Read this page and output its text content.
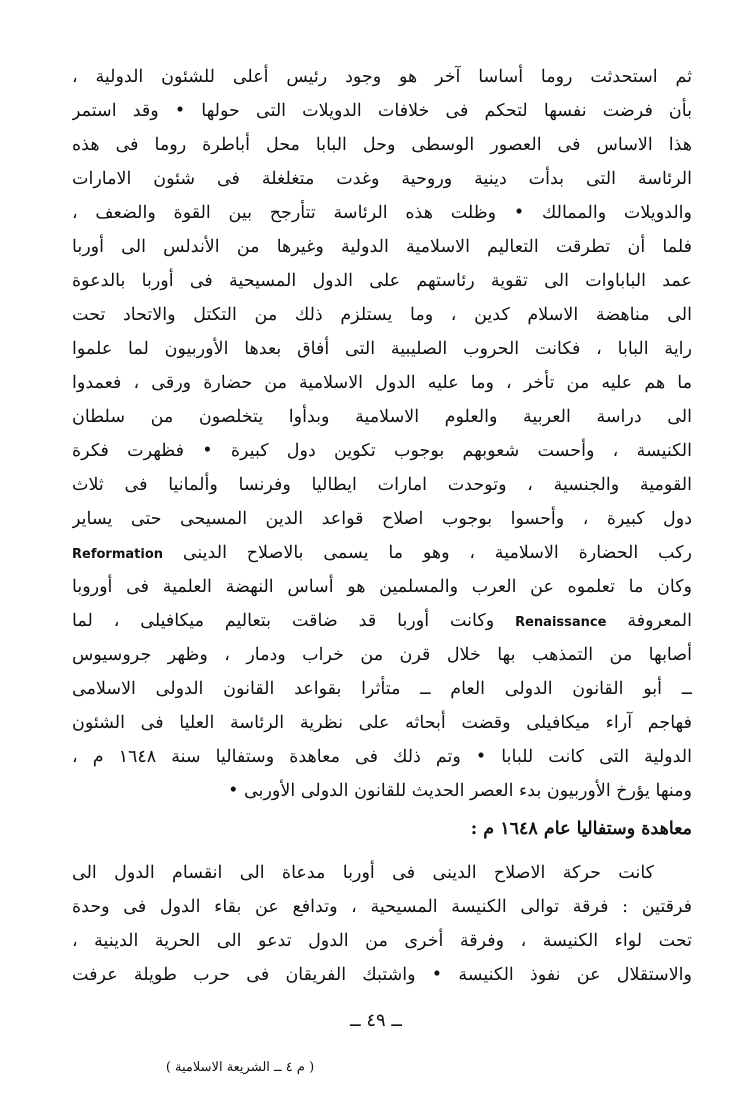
ثم استحدثت روما أساسا آخر هو وجود رئيس أعلى للشئون الدولية ،
بأن فرضت نفسها لتحكم فى خلافات الدويلات التى حولها • وقد استمر
هذا الاساس فى العصور الوسطى وحل البابا محل أباطرة روما فى هذه
الرئاسة التى بدأت دينية وروحية وغدت متغلغلة فى شئون الامارات
والدويلات والممالك • وظلت هذه الرئاسة تتأرجح بين القوة والضعف ،
فلما أن تطرقت التعاليم الاسلامية الدولية وغيرها من الأندلس الى أوربا
عمد الباباوات الى تقوية رئاستهم على الدول المسيحية فى أوربا بالدعوة
الى مناهضة الاسلام كدين ، وما يستلزم ذلك من التكتل والاتحاد تحت
راية البابا ، فكانت الحروب الصليبية التى أفاق بعدها الأوربيون لما علموا
ما هم عليه من تأخر ، وما عليه الدول الاسلامية من حضارة ورقى ، فعمدوا
الى دراسة العربية والعلوم الاسلامية وبدأوا يتخلصون من سلطان
الكنيسة ، وأحست شعوبهم بوجوب تكوين دول كبيرة • فظهرت فكرة
القومية والجنسية ، وتوحدت امارات ايطاليا وفرنسا وألمانيا فى ثلاث
دول كبيرة ، وأحسوا بوجوب اصلاح قواعد الدين المسيحى حتى يساير
ركب الحضارة الاسلامية ، وهو ما يسمى بالاصلاح الدينى Reformation
وكان ما تعلموه عن العرب والمسلمين هو أساس النهضة العلمية فى أوروبا
المعروفة Renaissance وكانت أوربا قد ضاقت بتعاليم ميكافيلى ، لما
أصابها من التمذهب بها خلال قرن من خراب ودمار ، وظهر جروسيوس
ــ أبو القانون الدولى العام ــ متأثرا بقواعد القانون الدولى الاسلامى
فهاجم آراء ميكافيلى وقضت أبحاثه على نظرية الرئاسة العليا فى الشئون
الدولية التى كانت للبابا • وتم ذلك فى معاهدة وستفاليا سنة ١٦٤٨ م ،
ومنها يؤرخ الأوربيون بدء العصر الحديث للقانون الدولى الأوربى •
معاهدة وستفاليا عام ١٦٤٨ م :
كانت حركة الاصلاح الدينى فى أوربا مدعاة الى انقسام الدول الى
فرقتين : فرقة توالى الكنيسة المسيحية ، وتدافع عن بقاء الدول فى وحدة
تحت لواء الكنيسة ، وفرقة أخرى من الدول تدعو الى الحرية الدينية ،
والاستقلال عن نفوذ الكنيسة • واشتبك الفريقان فى حرب طويلة عرفت
ــ ٤٩ ــ
( م ٤ ــ الشريعة الاسلامية )
